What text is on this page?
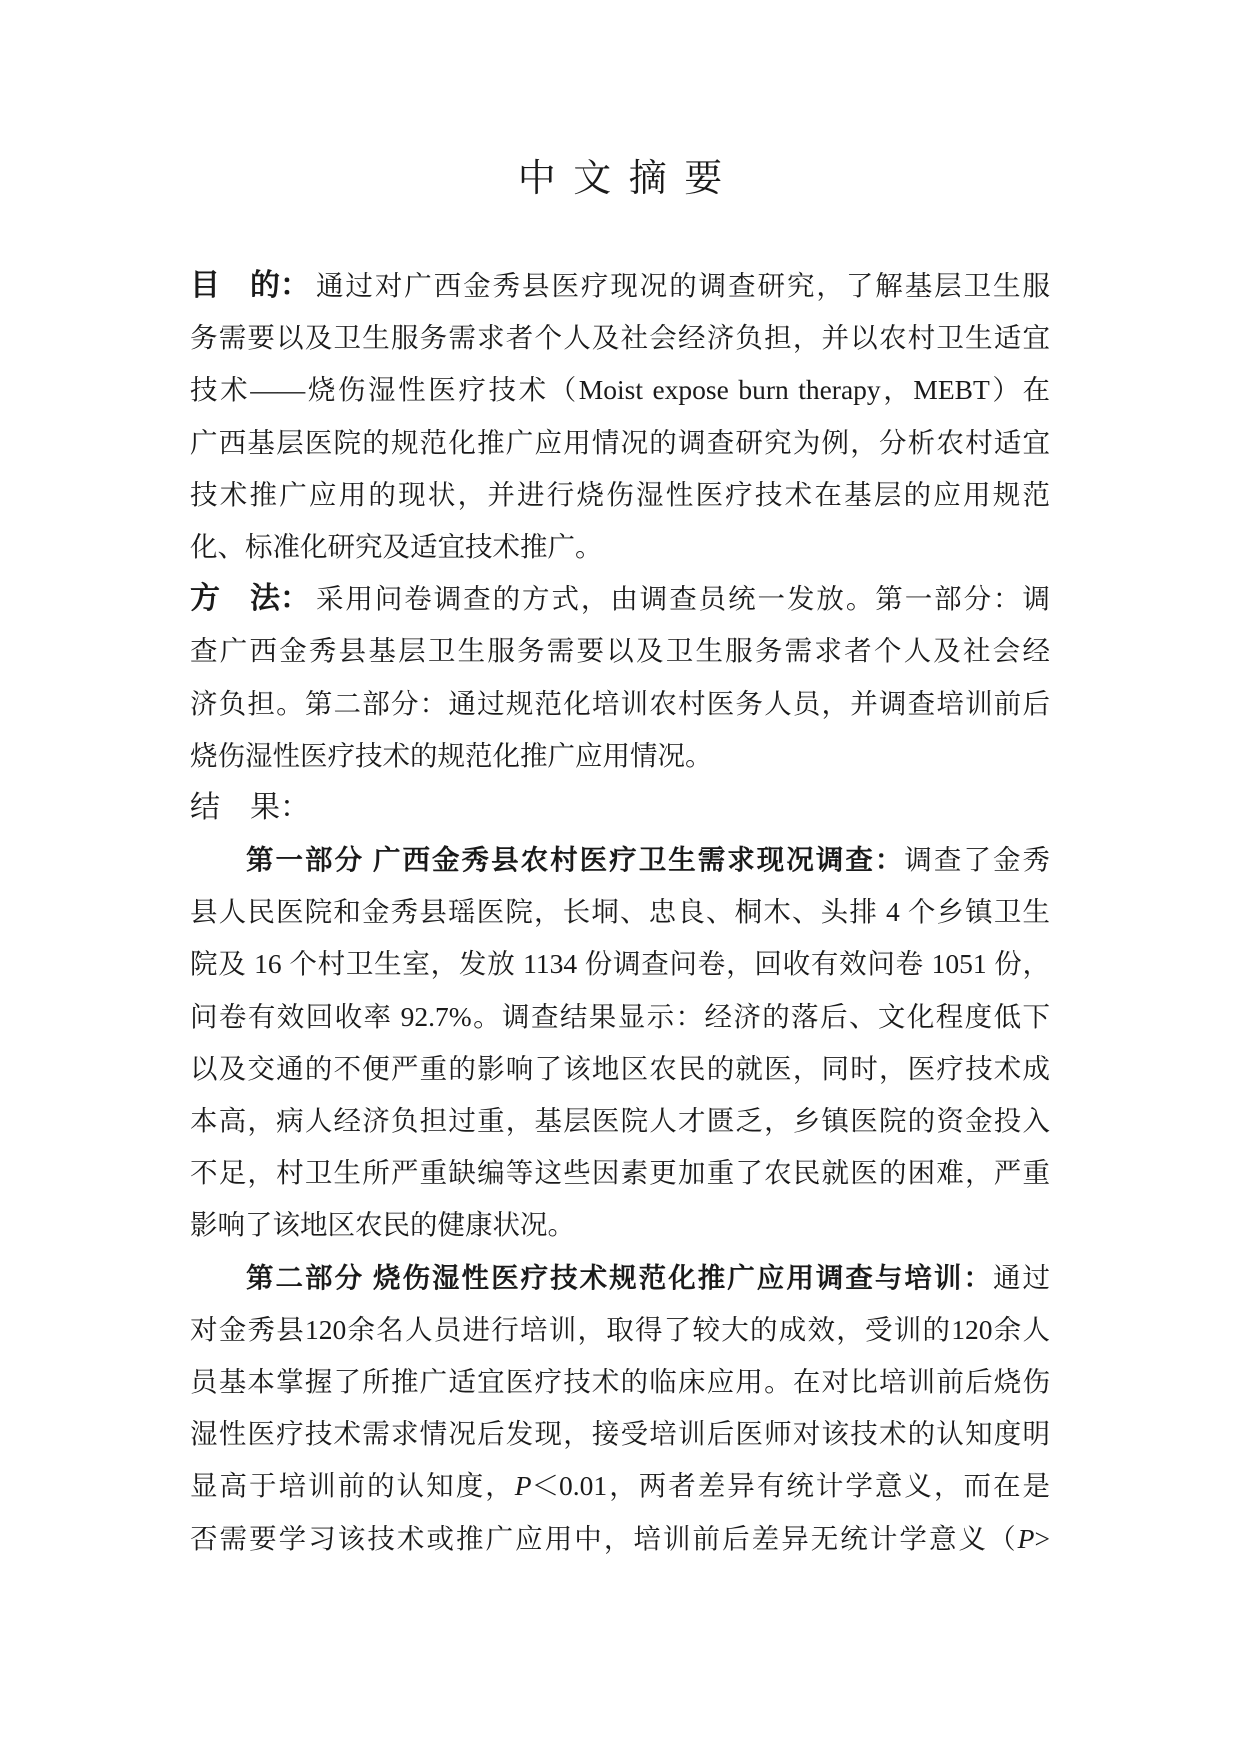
中 文 摘 要
目　的： 通过对广西金秀县医疗现况的调查研究，了解基层卫生服
务需要以及卫生服务需求者个人及社会经济负担，并以农村卫生适宜
技术——烧伤湿性医疗技术（Moist expose burn therapy，MEBT）在
广西基层医院的规范化推广应用情况的调查研究为例，分析农村适宜
技术推广应用的现状，并进行烧伤湿性医疗技术在基层的应用规范
化、标准化研究及适宜技术推广。
方　法： 采用问卷调查的方式，由调查员统一发放。第一部分：调
查广西金秀县基层卫生服务需要以及卫生服务需求者个人及社会经
济负担。第二部分：通过规范化培训农村医务人员，并调查培训前后
烧伤湿性医疗技术的规范化推广应用情况。
结　果：
第一部分 广西金秀县农村医疗卫生需求现况调查：调查了金秀
县人民医院和金秀县瑶医院，长垌、忠良、桐木、头排 4 个乡镇卫生
院及 16 个村卫生室，发放 1134 份调查问卷，回收有效问卷 1051 份，
问卷有效回收率 92.7%。调查结果显示：经济的落后、文化程度低下
以及交通的不便严重的影响了该地区农民的就医，同时，医疗技术成
本高，病人经济负担过重，基层医院人才匮乏，乡镇医院的资金投入
不足，村卫生所严重缺编等这些因素更加重了农民就医的困难，严重
影响了该地区农民的健康状况。
第二部分 烧伤湿性医疗技术规范化推广应用调查与培训：通过
对金秀县120余名人员进行培训，取得了较大的成效，受训的120余人
员基本掌握了所推广适宜医疗技术的临床应用。在对比培训前后烧伤
湿性医疗技术需求情况后发现，接受培训后医师对该技术的认知度明
显高于培训前的认知度，P＜0.01，两者差异有统计学意义，而在是
否需要学习该技术或推广应用中，培训前后差异无统计学意义（P>
